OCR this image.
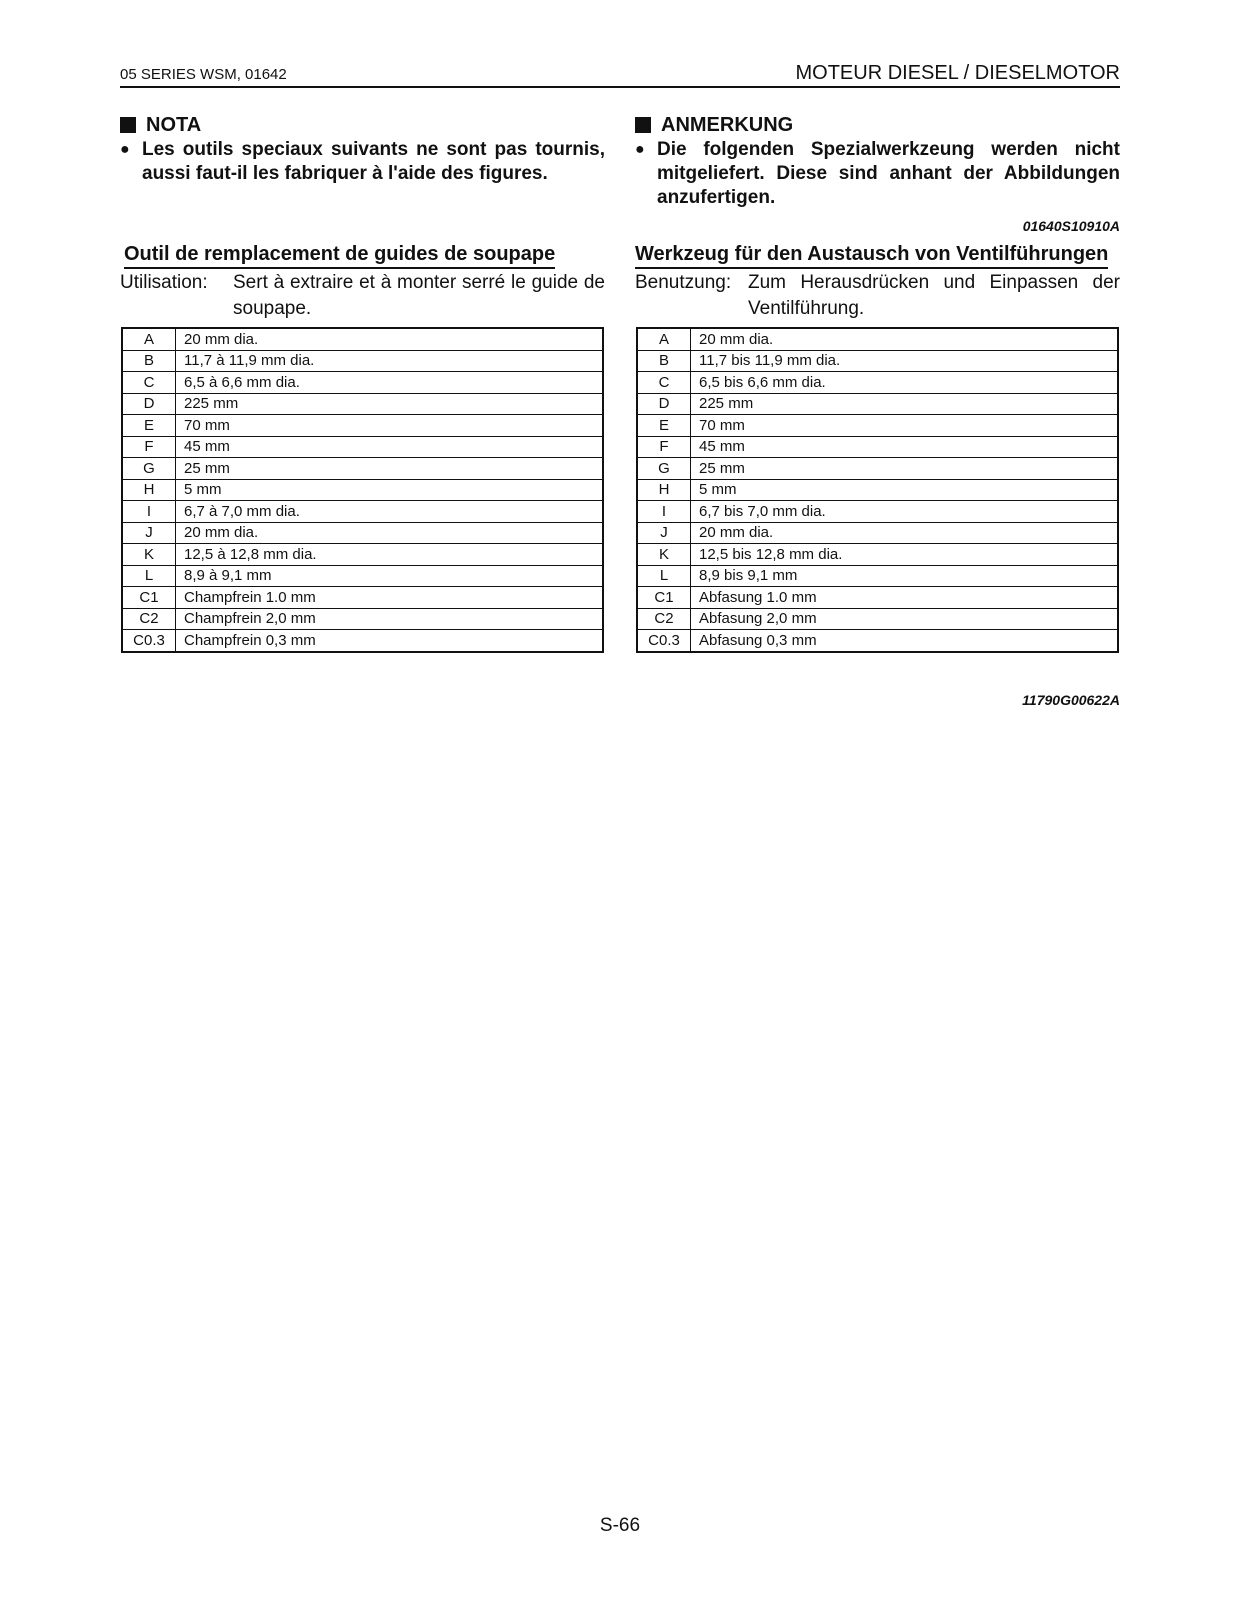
05 SERIES WSM, 01642	MOTEUR DIESEL / DIESELMOTOR
NOTA
● Les outils speciaux suivants ne sont pas tournis, aussi faut-il les fabriquer à l'aide des figures.
ANMERKUNG
● Die folgenden Spezialwerkzeung werden nicht mitgeliefert. Diese sind anhant der Abbildungen anzufertigen.
01640S10910A
Outil de remplacement de guides de soupape	Werkzeug für den Austausch von Ventilführungen
Utilisation:	Sert à extraire et à monter serré le guide de soupape.
Benutzung: Zum Herausdrücken und Einpassen der Ventilführung.
A	20 mm dia.
B	11,7 à 11,9 mm dia.
C	6,5 à 6,6 mm dia.
D	225 mm
E	70 mm
F	45 mm
G	25 mm
H	5 mm
I	6,7 à 7,0 mm dia.
J	20 mm dia.
K	12,5 à 12,8 mm dia.
L	8,9 à 9,1 mm
C1	Champfrein 1.0 mm
C2	Champfrein 2,0 mm
C0.3	Champfrein 0,3 mm
A	20 mm dia.
B	11,7 bis 11,9 mm dia.
C	6,5 bis 6,6 mm dia.
D	225 mm
E	70 mm
F	45 mm
G	25 mm
H	5 mm
I	6,7 bis 7,0 mm dia.
J	20 mm dia.
K	12,5 bis 12,8 mm dia.
L	8,9 bis 9,1 mm
C1	Abfasung 1.0 mm
C2	Abfasung 2,0 mm
C0.3	Abfasung 0,3 mm
11790G00622A
S-66
